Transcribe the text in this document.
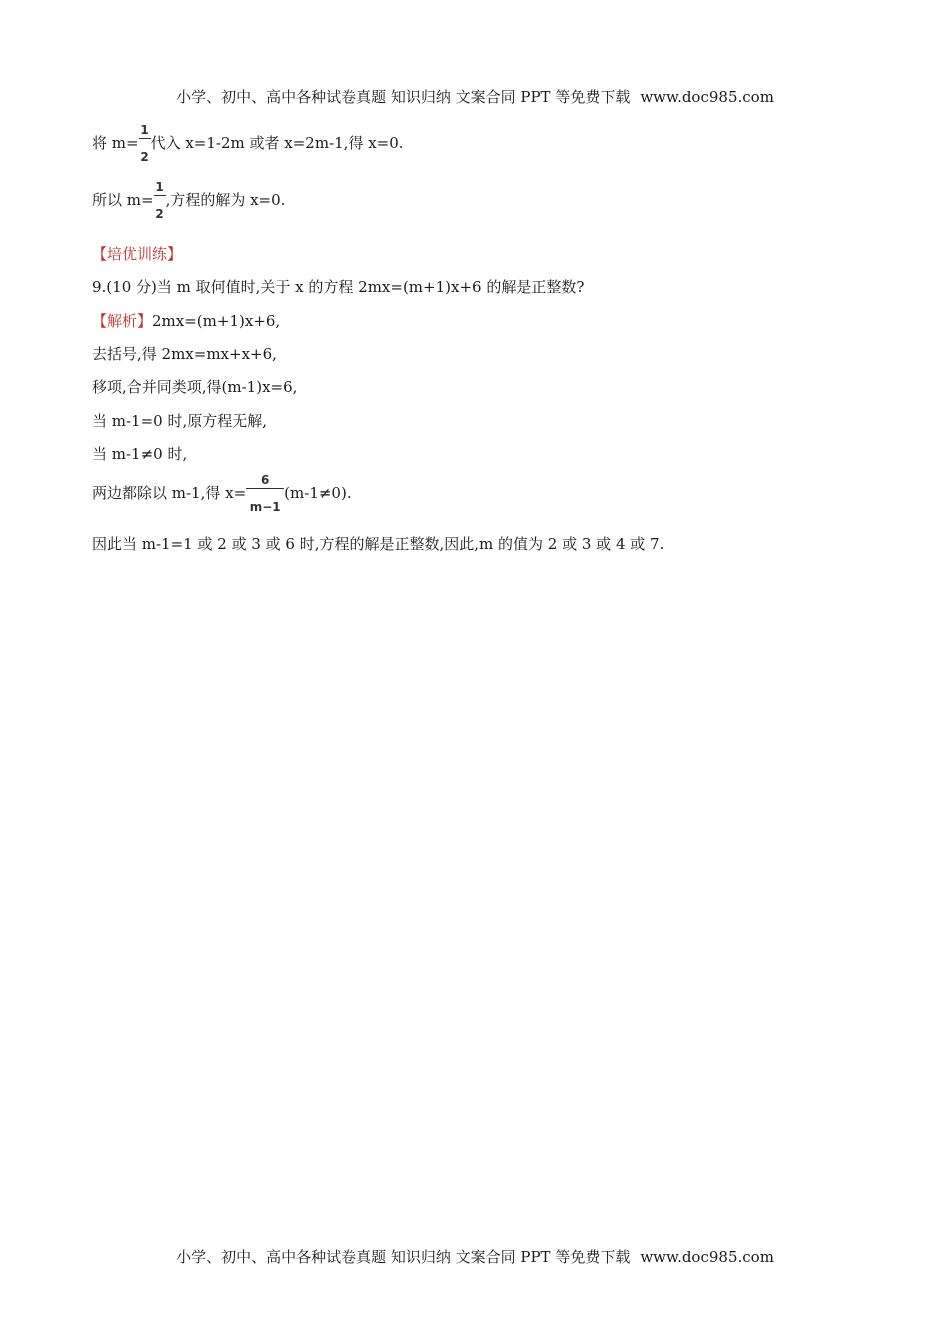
小学、初中、高中各种试卷真题 知识归纳 文案合同 PPT 等免费下载 www.doc985.com
将 $m= \frac{1}{2}$ 代入 x=1-2m 或者 x=2m-1,得 x=0.
所以 $m= \frac{1}{2}$ ,方程的解为 x=0.
【培优训练】
9.(10 分)当 m 取何值时,关于 x 的方程 2mx=(m+1)x+6 的解是正整数?
【解析】2mx=(m+1)x+6,
去括号,得 2mx=mx+x+6,
移项,合并同类项,得(m-1)x=6,
当 m-1=0 时,原方程无解,
当 m-1≠0 时,
两边都除以 m-1,得 $x= \frac{6}{m-1} (m-1\ne 0)$.
因此当 m-1=1 或 2 或 3 或 6 时,方程的解是正整数,因此,m 的值为 2 或 3 或 4 或 7.
小学、初中、高中各种试卷真题 知识归纳 文案合同 PPT 等免费下载 www.doc985.com
